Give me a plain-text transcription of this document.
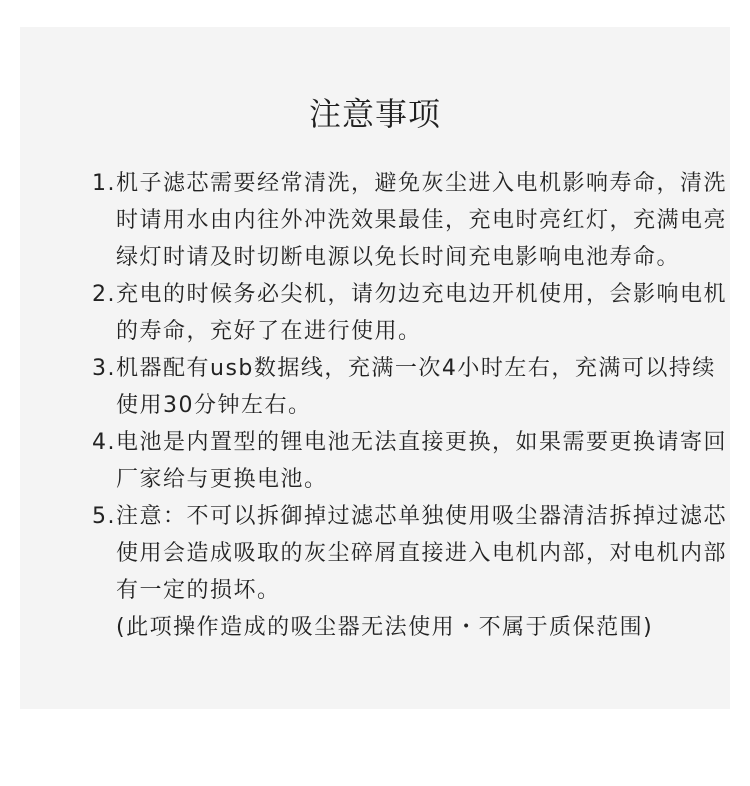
注意事项
1. 机子滤芯需要经常清洗，避免灰尘进入电机影响寿命，清洗时请用水由内往外冲洗效果最佳，充电时亮红灯，充满电亮绿灯时请及时切断电源以免长时间充电影响电池寿命。
2. 充电的时候务必尖机，请勿边充电边开机使用，会影响电机的寿命，充好了在进行使用。
3. 机器配有usb数据线，充满一次4小时左右，充满可以持续使用30分钟左右。
4. 电池是内置型的锂电池无法直接更换，如果需要更换请寄回厂家给与更换电池。
5. 注意：不可以拆御掉过滤芯单独使用吸尘器清洁拆掉过滤芯使用会造成吸取的灰尘碎屑直接进入电机内部，对电机内部有一定的损坏。
(此项操作造成的吸尘器无法使用・不属于质保范围)
